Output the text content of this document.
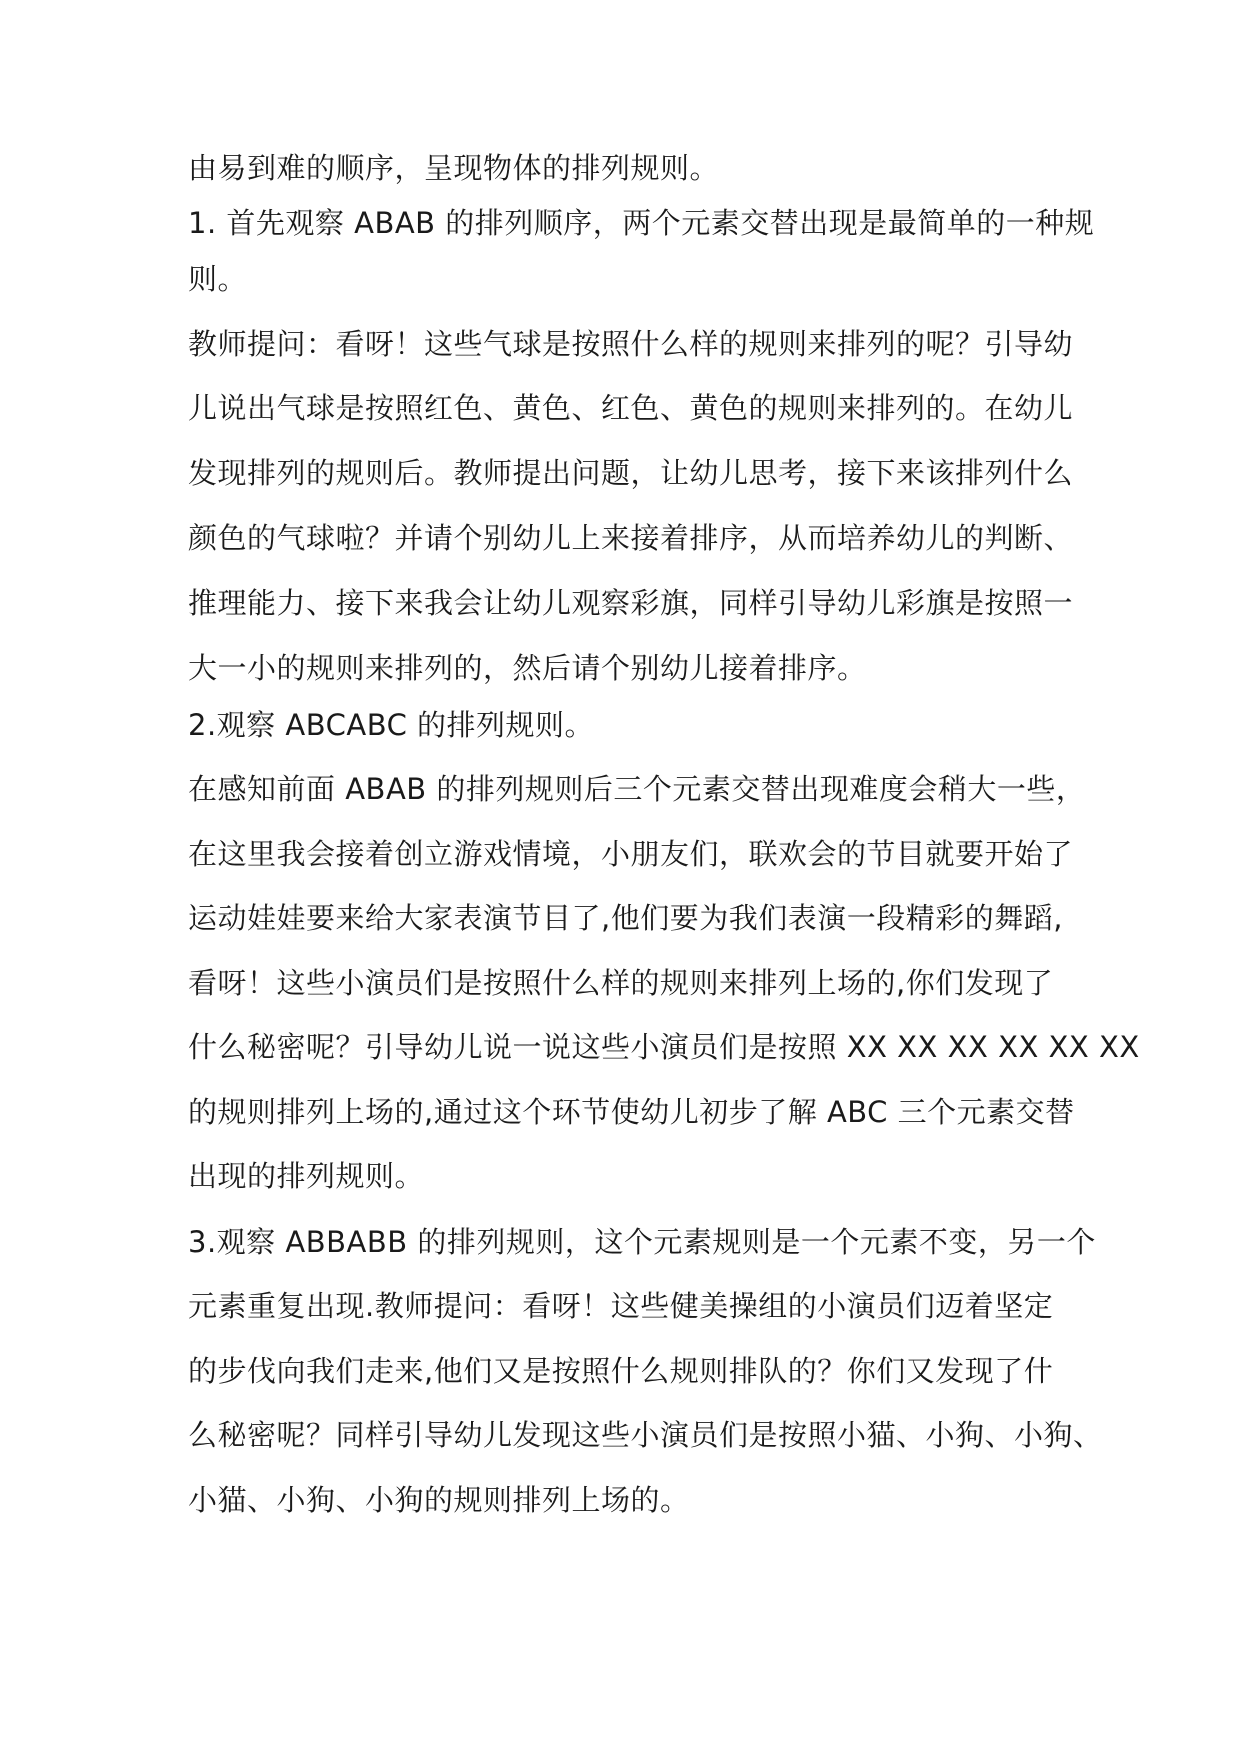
由易到难的顺序，呈现物体的排列规则。
1. 首先观察 ABAB 的排列顺序，两个元素交替出现是最简单的一种规
则。
教师提问：看呀！这些气球是按照什么样的规则来排列的呢？引导幼
儿说出气球是按照红色、黄色、红色、黄色的规则来排列的。在幼儿
发现排列的规则后。教师提出问题，让幼儿思考，接下来该排列什么
颜色的气球啦？并请个别幼儿上来接着排序，从而培养幼儿的判断、
推理能力、接下来我会让幼儿观察彩旗，同样引导幼儿彩旗是按照一
大一小的规则来排列的，然后请个别幼儿接着排序。
2.观察 ABCABC 的排列规则。
在感知前面 ABAB 的排列规则后三个元素交替出现难度会稍大一些，
在这里我会接着创立游戏情境，小朋友们，联欢会的节目就要开始了
运动娃娃要来给大家表演节目了,他们要为我们表演一段精彩的舞蹈,
看呀！这些小演员们是按照什么样的规则来排列上场的,你们发现了
什么秘密呢？引导幼儿说一说这些小演员们是按照 XX XX XX XX XX XX
的规则排列上场的,通过这个环节使幼儿初步了解 ABC 三个元素交替
出现的排列规则。
3.观察 ABBABB 的排列规则，这个元素规则是一个元素不变，另一个
元素重复出现.教师提问：看呀！这些健美操组的小演员们迈着坚定
的步伐向我们走来,他们又是按照什么规则排队的？你们又发现了什
么秘密呢？同样引导幼儿发现这些小演员们是按照小猫、小狗、小狗、
小猫、小狗、小狗的规则排列上场的。
